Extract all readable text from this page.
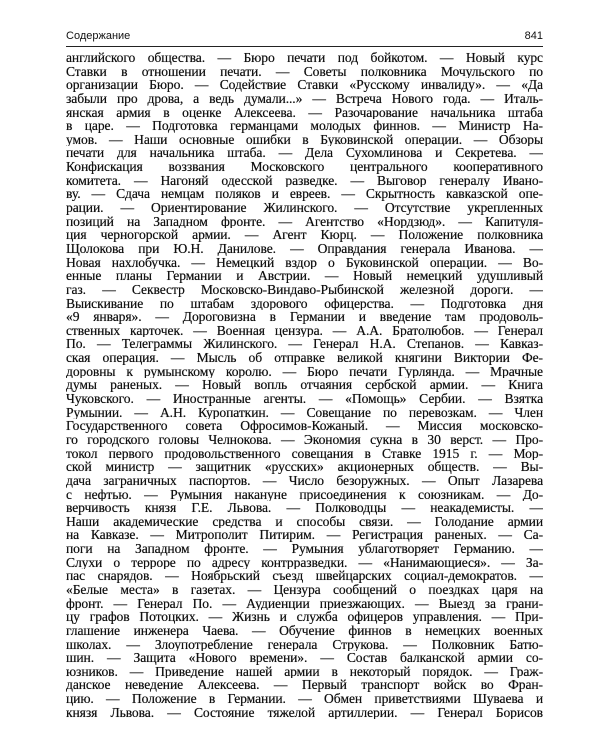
Содержание	841
английского общества. — Бюро печати под бойкотом. — Новый курс
Ставки в отношении печати. — Советы полковника Мочульского по
организации Бюро. — Содействие Ставки «Русскому инвалиду». — «Да
забыли про дрова, а ведь думали...» — Встреча Нового года. — Италь-
янская армия в оценке Алексеева. — Разочарование начальника штаба
в царе. — Подготовка германцами молодых финнов. — Министр На-
умов. — Наши основные ошибки в Буковинской операции. — Обзоры
печати для начальника штаба. — Дела Сухомлинова и Секретева. —
Конфискация воззвания Московского центрального кооперативного
комитета. — Нагоняй одесской разведке. — Выговор генералу Ивано-
ву. — Сдача немцам поляков и евреев. — Скрытность кавказской опе-
рации. — Ориентирование Жилинского. — Отсутствие укрепленных
позиций на Западном фронте. — Агентство «Нордзюд». — Капитуля-
ция черногорской армии. — Агент Кюрц. — Положение полковника
Щолокова при Ю.Н. Данилове. — Оправдания генерала Иванова. —
Новая нахлобучка. — Немецкий вздор о Буковинской операции. — Во-
енные планы Германии и Австрии. — Новый немецкий удушливый
газ. — Секвестр Московско-Виндаво-Рыбинской железной дороги. —
Выискивание по штабам здорового офицерства. — Подготовка дня
«9 января». — Дороговизна в Германии и введение там продоволь-
ственных карточек. — Военная цензура. — А.А. Братолюбов. — Генерал
По. — Телеграммы Жилинского. — Генерал Н.А. Степанов. — Кавказ-
ская операция. — Мысль об отправке великой княгини Виктории Фе-
доровны к румынскому королю. — Бюро печати Гурлянда. — Мрачные
думы раненых. — Новый вопль отчаяния сербской армии. — Книга
Чуковского. — Иностранные агенты. — «Помощь» Сербии. — Взятка
Румынии. — А.Н. Куропаткин. — Совещание по перевозкам. — Член
Государственного совета Офросимов-Кожаный. — Миссия московско-
го городского головы Челнокова. — Экономия сукна в 30 верст. — Про-
токол первого продовольственного совещания в Ставке 1915 г. — Мор-
ской министр — защитник «русских» акционерных обществ. — Вы-
дача заграничных паспортов. — Число безоружных. — Опыт Лазарева
с нефтью. — Румыния накануне присоединения к союзникам. — До-
верчивость князя Г.Е. Львова. — Полководцы — неакадемисты. —
Наши академические средства и способы связи. — Голодание армии
на Кавказе. — Митрополит Питирим. — Регистрация раненых. — Са-
поги на Западном фронте. — Румыния ублаготворяет Германию. —
Слухи о терроре по адресу контрразведки. — «Нанимающиеся». — За-
пас снарядов. — Ноябрьский съезд швейцарских социал-демократов. —
«Белые места» в газетах. — Цензура сообщений о поездках царя на
фронт. — Генерал По. — Аудиенции приезжающих. — Выезд за грани-
цу графов Потоцких. — Жизнь и служба офицеров управления. — При-
глашение инженера Чаева. — Обучение финнов в немецких военных
школах. — Злоупотребление генерала Струкова. — Полковник Батю-
шин. — Защита «Нового времени». — Состав балканской армии со-
юзников. — Приведение нашей армии в некоторый порядок. — Граж-
данское неведение Алексеева. — Первый транспорт войск во Фран-
цию. — Положение в Германии. — Обмен приветствиями Шуваева и
князя Львова. — Состояние тяжелой артиллерии. — Генерал Борисов
